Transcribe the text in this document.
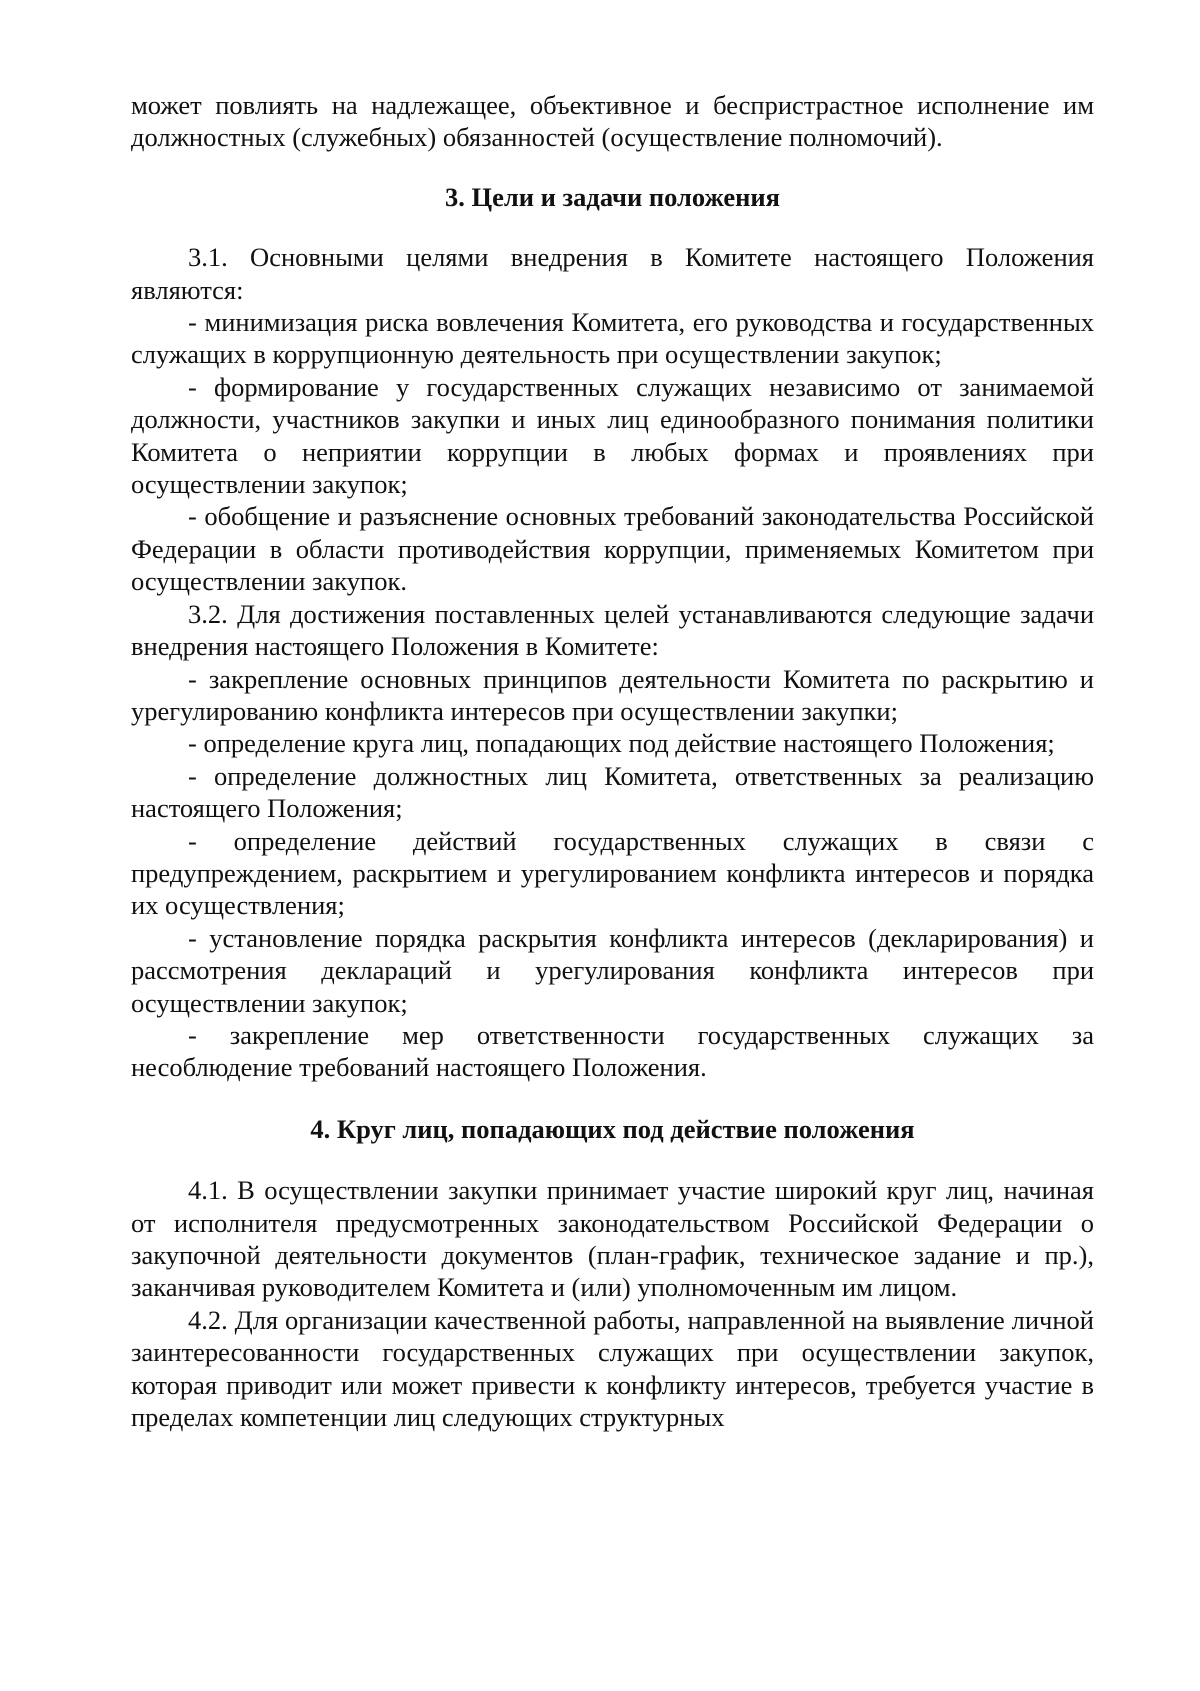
может повлиять на надлежащее, объективное и беспристрастное исполнение им должностных (служебных) обязанностей (осуществление полномочий).

3. Цели и задачи положения

3.1. Основными целями внедрения в Комитете настоящего Положения являются:

- минимизация риска вовлечения Комитета, его руководства и государственных служащих в коррупционную деятельность при осуществлении закупок;

- формирование у государственных служащих независимо от занимаемой должности, участников закупки и иных лиц единообразного понимания политики Комитета о неприятии коррупции в любых формах и проявлениях при осуществлении закупок;

- обобщение и разъяснение основных требований законодательства Российской Федерации в области противодействия коррупции, применяемых Комитетом при осуществлении закупок.

3.2. Для достижения поставленных целей устанавливаются следующие задачи внедрения настоящего Положения в Комитете:

- закрепление основных принципов деятельности Комитета по раскрытию и урегулированию конфликта интересов при осуществлении закупки;

- определение круга лиц, попадающих под действие настоящего Положения;

- определение должностных лиц Комитета, ответственных за реализацию настоящего Положения;

- определение действий государственных служащих в связи с предупреждением, раскрытием и урегулированием конфликта интересов и порядка их осуществления;

- установление порядка раскрытия конфликта интересов (декларирования) и рассмотрения деклараций и урегулирования конфликта интересов при осуществлении закупок;

- закрепление мер ответственности государственных служащих за несоблюдение требований настоящего Положения.

4. Круг лиц, попадающих под действие положения

4.1. В осуществлении закупки принимает участие широкий круг лиц, начиная от исполнителя предусмотренных законодательством Российской Федерации о закупочной деятельности документов (план-график, техническое задание и пр.), заканчивая руководителем Комитета и (или) уполномоченным им лицом.

4.2. Для организации качественной работы, направленной на выявление личной заинтересованности государственных служащих при осуществлении закупок, которая приводит или может привести к конфликту интересов, требуется участие в пределах компетенции лиц следующих структурных
